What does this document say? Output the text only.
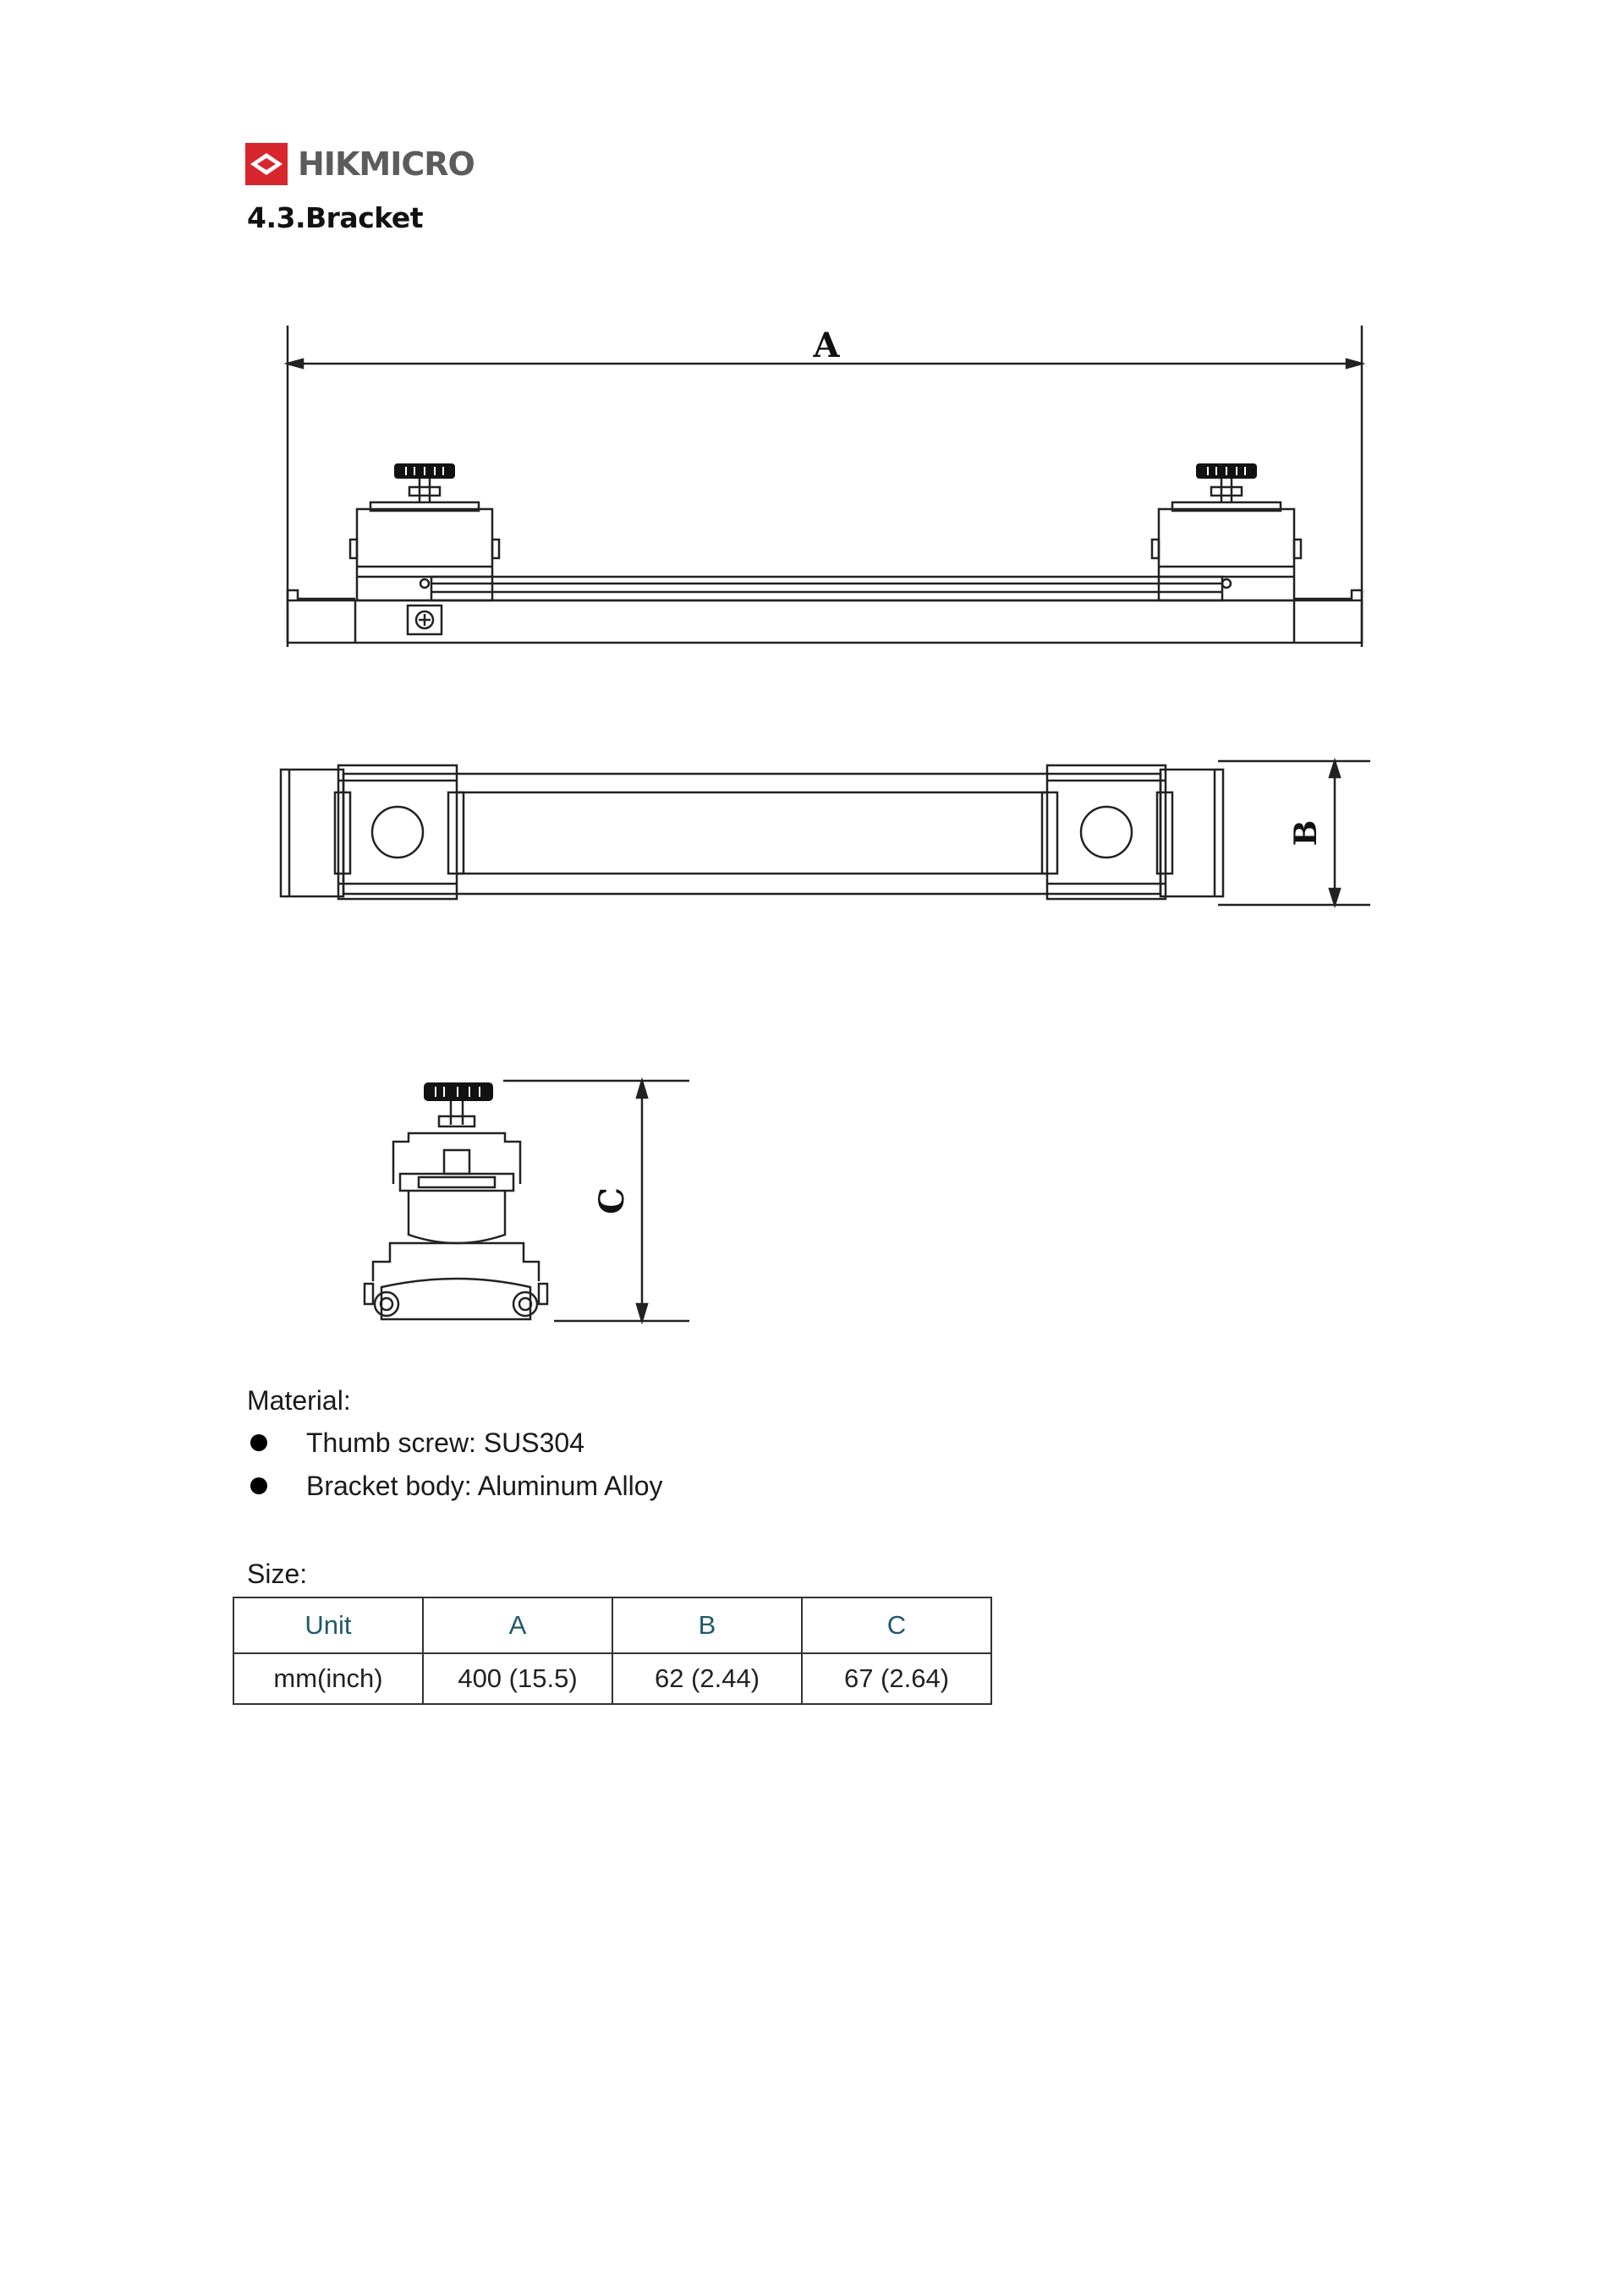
HIKMICRO
4.3.Bracket
A
B
C
Material:
Thumb screw: SUS304
Bracket body: Aluminum Alloy
Size:
Unit	A	B	C
mm(inch)	400 (15.5)	62 (2.44)	67 (2.64)
